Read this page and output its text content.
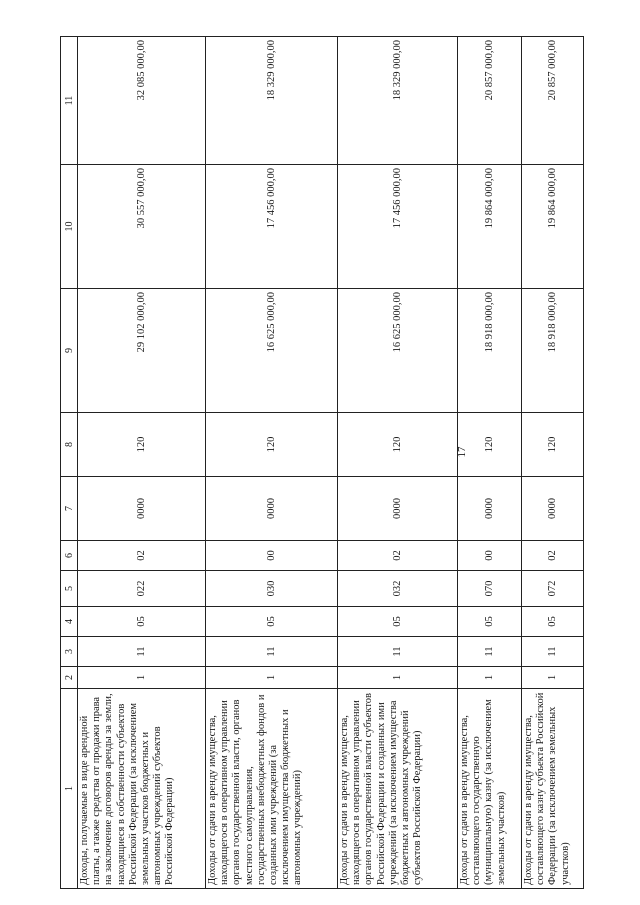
17
1	2	3	4	5	6	7	8	9	10	11
Доходы, получаемые в виде арендной платы, а также средства от продажи права на заключение договоров аренды за земли, находящиеся в собственности субъектов Российской Федерации (за исключением земельных участков бюджетных и автономных учреждений субъектов Российской Федерации)	1	11	05	022	02	0000	120	29 102 000,00	30 557 000,00	32 085 000,00
Доходы от сдачи в аренду имущества, находящегося в оперативном управлении органов государственной власти, органов местного самоуправления, государственных внебюджетных фондов и созданных ими учреждений (за исключением имущества бюджетных и автономных учреждений)	1	11	05	030	00	0000	120	16 625 000,00	17 456 000,00	18 329 000,00
Доходы от сдачи в аренду имущества, находящегося в оперативном управлении органов государственной власти субъектов Российской Федерации и созданных ими учреждений (за исключением имущества бюджетных и автономных учреждений субъектов Российской Федерации)	1	11	05	032	02	0000	120	16 625 000,00	17 456 000,00	18 329 000,00
Доходы от сдачи в аренду имущества, составляющего государственную (муниципальную) казну (за исключением земельных участков)	1	11	05	070	00	0000	120	18 918 000,00	19 864 000,00	20 857 000,00
Доходы от сдачи в аренду имущества, составляющего казну субъекта Российской Федерации (за исключением земельных участков)	1	11	05	072	02	0000	120	18 918 000,00	19 864 000,00	20 857 000,00
